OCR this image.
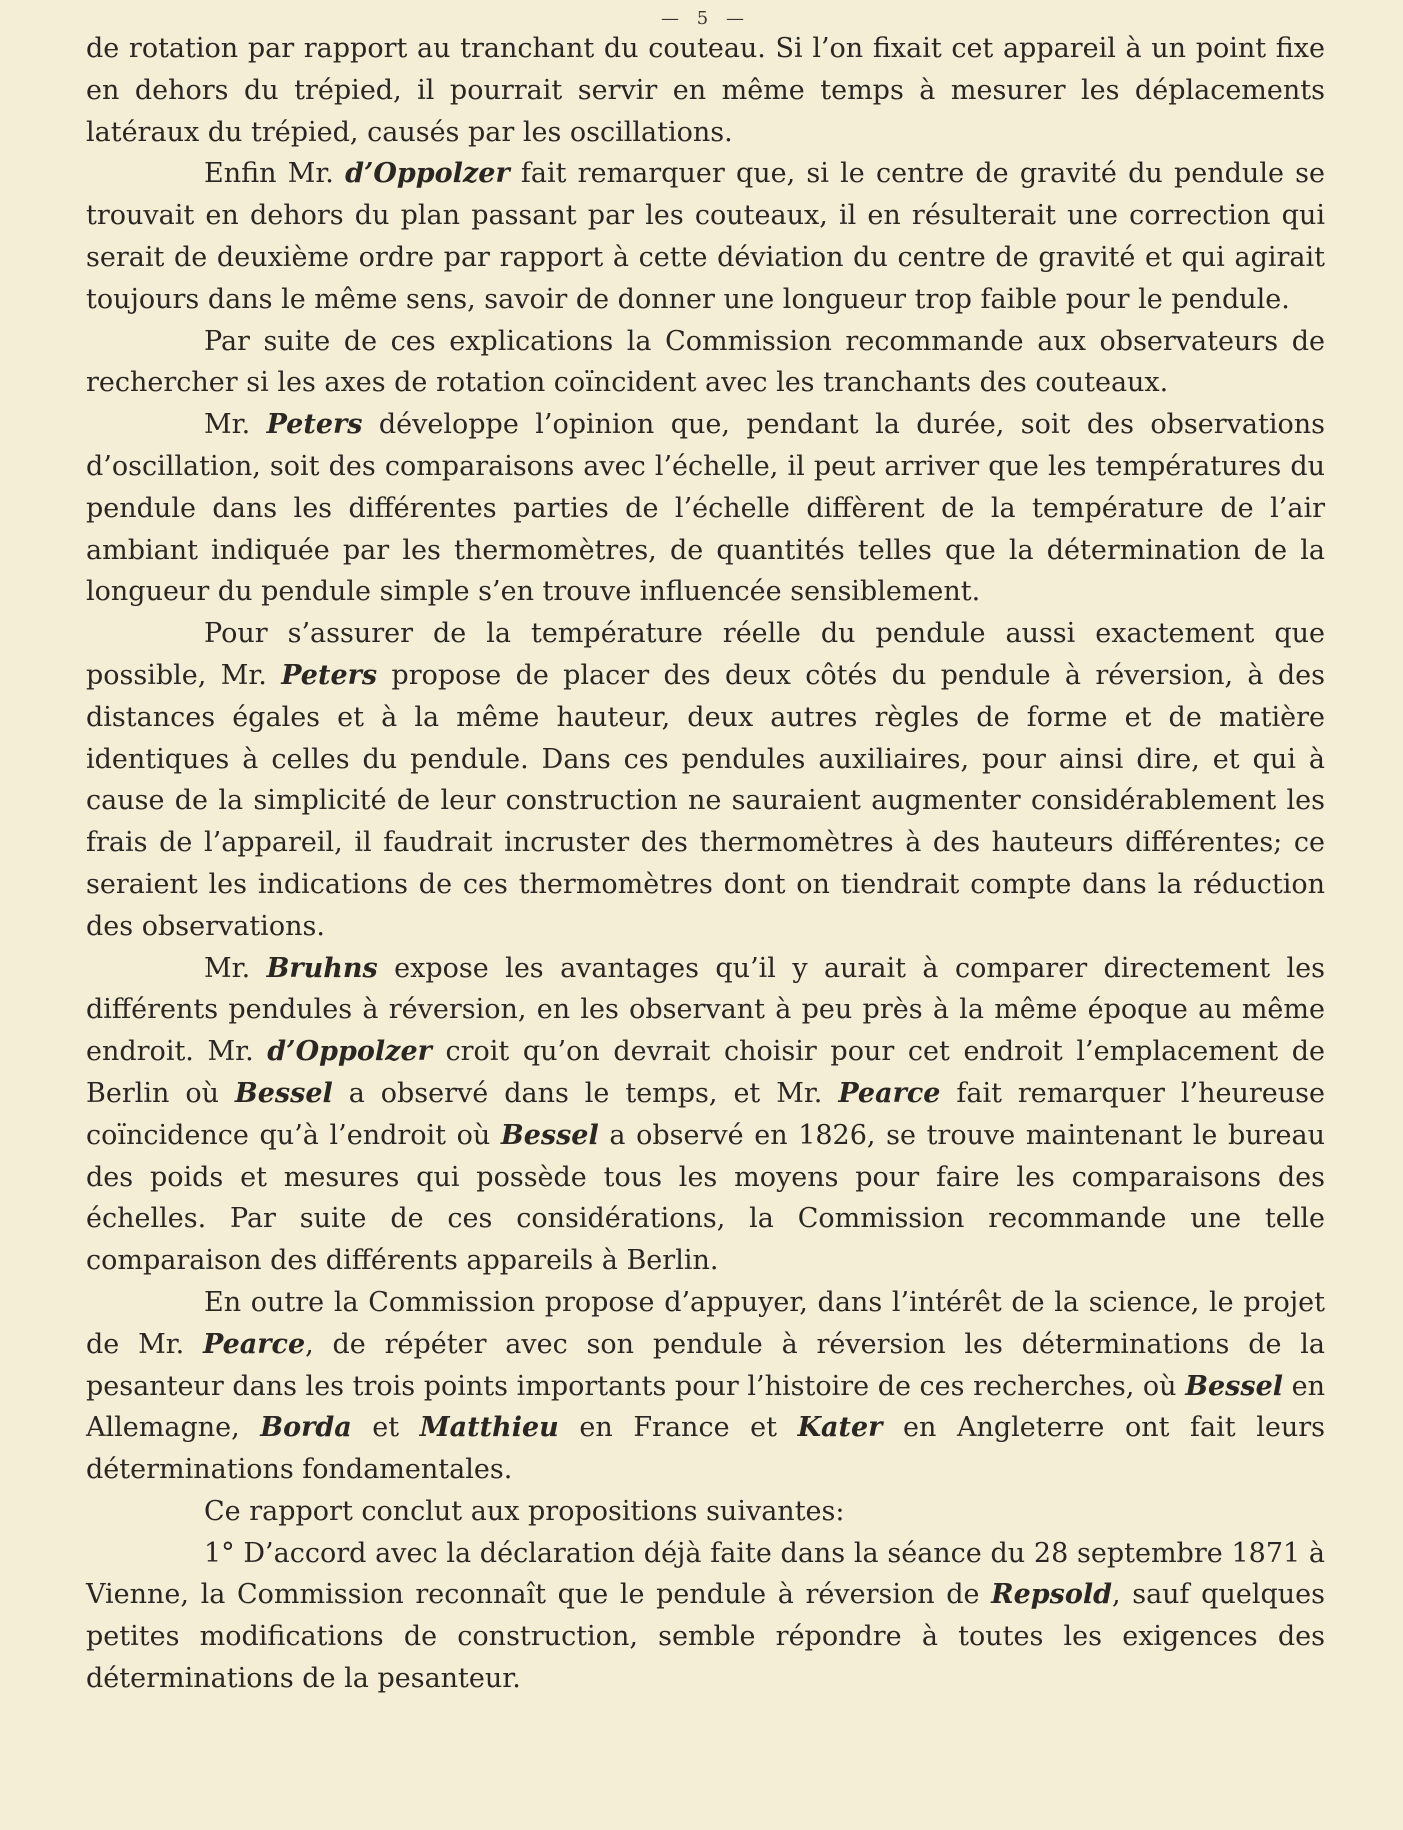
— 5 —

de rotation par rapport au tranchant du couteau. Si l’on fixait cet appareil à un point fixe en dehors du trépied, il pourrait servir en même temps à mesurer les déplacements latéraux du trépied, causés par les oscillations.

Enfin Mr. d’Oppolzer fait remarquer que, si le centre de gravité du pendule se trouvait en dehors du plan passant par les couteaux, il en résulterait une correction qui serait de deuxième ordre par rapport à cette déviation du centre de gravité et qui agirait toujours dans le même sens, savoir de donner une longueur trop faible pour le pendule.

Par suite de ces explications la Commission recommande aux observateurs de rechercher si les axes de rotation coïncident avec les tranchants des couteaux.

Mr. Peters développe l’opinion que, pendant la durée, soit des observations d’oscillation, soit des comparaisons avec l’échelle, il peut arriver que les températures du pendule dans les différentes parties de l’échelle diffèrent de la température de l’air ambiant indiquée par les thermomètres, de quantités telles que la détermination de la longueur du pendule simple s’en trouve influencée sensiblement.

Pour s’assurer de la température réelle du pendule aussi exactement que possible, Mr. Peters propose de placer des deux côtés du pendule à réversion, à des distances égales et à la même hauteur, deux autres règles de forme et de matière identiques à celles du pendule. Dans ces pendules auxiliaires, pour ainsi dire, et qui à cause de la simplicité de leur construction ne sauraient augmenter considérablement les frais de l’appareil, il faudrait incruster des thermomètres à des hauteurs différentes; ce seraient les indications de ces thermomètres dont on tiendrait compte dans la réduction des observations.

Mr. Bruhns expose les avantages qu’il y aurait à comparer directement les différents pendules à réversion, en les observant à peu près à la même époque au même endroit. Mr. d’Oppolzer croit qu’on devrait choisir pour cet endroit l’emplacement de Berlin où Bessel a observé dans le temps, et Mr. Pearce fait remarquer l’heureuse coïncidence qu’à l’endroit où Bessel a observé en 1826, se trouve maintenant le bureau des poids et mesures qui possède tous les moyens pour faire les comparaisons des échelles. Par suite de ces considérations, la Commission recommande une telle comparaison des différents appareils à Berlin.

En outre la Commission propose d’appuyer, dans l’intérêt de la science, le projet de Mr. Pearce, de répéter avec son pendule à réversion les déterminations de la pesanteur dans les trois points importants pour l’histoire de ces recherches, où Bessel en Allemagne, Borda et Matthieu en France et Kater en Angleterre ont fait leurs déterminations fondamentales.

Ce rapport conclut aux propositions suivantes:

1° D’accord avec la déclaration déjà faite dans la séance du 28 septembre 1871 à Vienne, la Commission reconnaît que le pendule à réversion de Repsold, sauf quelques petites modifications de construction, semble répondre à toutes les exigences des déterminations de la pesanteur.
